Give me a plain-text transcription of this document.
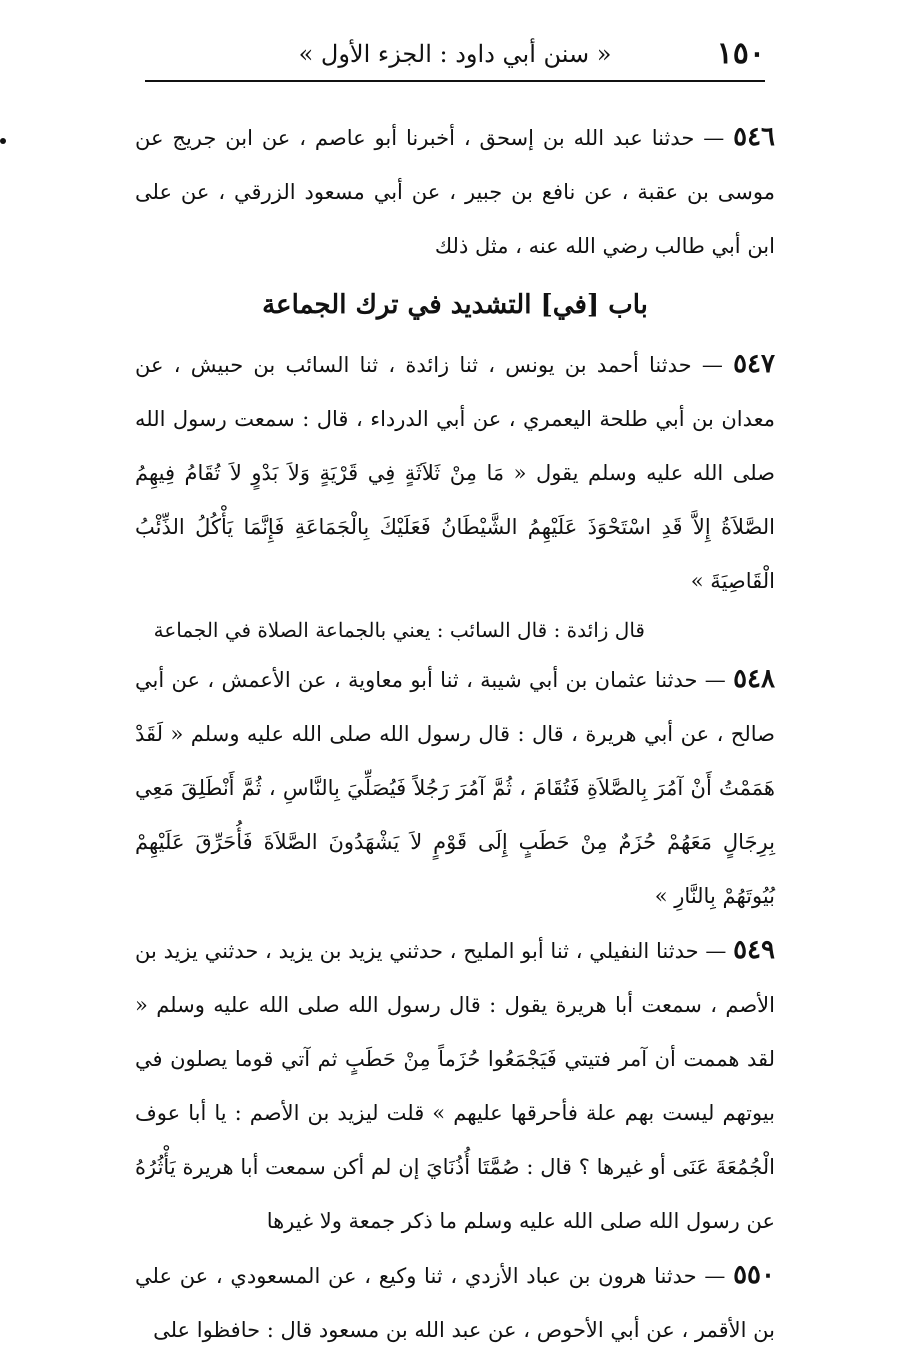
١٥٠
« سنن أبي داود : الجزء الأول »

٥٤٦ — حدثنا عبد الله بن إسحق ، أخبرنا أبو عاصم ، عن ابن جريج عن موسى بن عقبة ، عن نافع بن جبير ، عن أبي مسعود الزرقي ، عن على ابن أبي طالب رضي الله عنه ، مثل ذلك

باب [في] التشديد في ترك الجماعة

٥٤٧ — حدثنا أحمد بن يونس ، ثنا زائدة ، ثنا السائب بن حبيش ، عن معدان بن أبي طلحة اليعمري ، عن أبي الدرداء ، قال : سمعت رسول الله صلى الله عليه وسلم يقول « مَا مِنْ ثَلاَثَةٍ فِي قَرْيَةٍ وَلاَ بَدْوٍ لاَ تُقَامُ فِيهِمُ الصَّلاَةُ إِلاَّ قَدِ اسْتَحْوَذَ عَلَيْهِمُ الشَّيْطَانُ فَعَلَيْكَ بِالْجَمَاعَةِ فَإِنَّمَا يَأْكُلُ الذِّئْبُ الْقَاصِيَةَ »

قال زائدة : قال السائب : يعني بالجماعة الصلاة في الجماعة

٥٤٨ — حدثنا عثمان بن أبي شيبة ، ثنا أبو معاوية ، عن الأعمش ، عن أبي صالح ، عن أبي هريرة ، قال : قال رسول الله صلى الله عليه وسلم « لَقَدْ هَمَمْتُ أَنْ آمُرَ بِالصَّلاَةِ فَتُقَامَ ، ثُمَّ آمُرَ رَجُلاً فَيُصَلِّيَ بِالنَّاسِ ، ثُمَّ أَنْطَلِقَ مَعِي بِرِجَالٍ مَعَهُمْ حُزَمٌ مِنْ حَطَبٍ إِلَى قَوْمٍ لاَ يَشْهَدُونَ الصَّلاَةَ فَأُحَرِّقَ عَلَيْهِمْ بُيُوتَهُمْ بِالنَّارِ »

٥٤٩ — حدثنا النفيلي ، ثنا أبو المليح ، حدثني يزيد بن يزيد ، حدثني يزيد بن الأصم ، سمعت أبا هريرة يقول : قال رسول الله صلى الله عليه وسلم « لقد هممت أن آمر فتيتي فَيَجْمَعُوا حُزَماً مِنْ حَطَبٍ ثم آتي قوما يصلون في بيوتهم ليست بهم علة فأحرقها عليهم » قلت ليزيد بن الأصم : يا أبا عوف الْجُمُعَةَ عَنَى أو غيرها ؟ قال : صُمَّتَا أُذُنَايَ إن لم أكن سمعت أبا هريرة يَأْثُرُهُ عن رسول الله صلى الله عليه وسلم ما ذكر جمعة ولا غيرها

٥٥٠ — حدثنا هرون بن عباد الأزدي ، ثنا وكيع ، عن المسعودي ، عن علي بن الأقمر ، عن أبي الأحوص ، عن عبد الله بن مسعود قال : حافظوا على
